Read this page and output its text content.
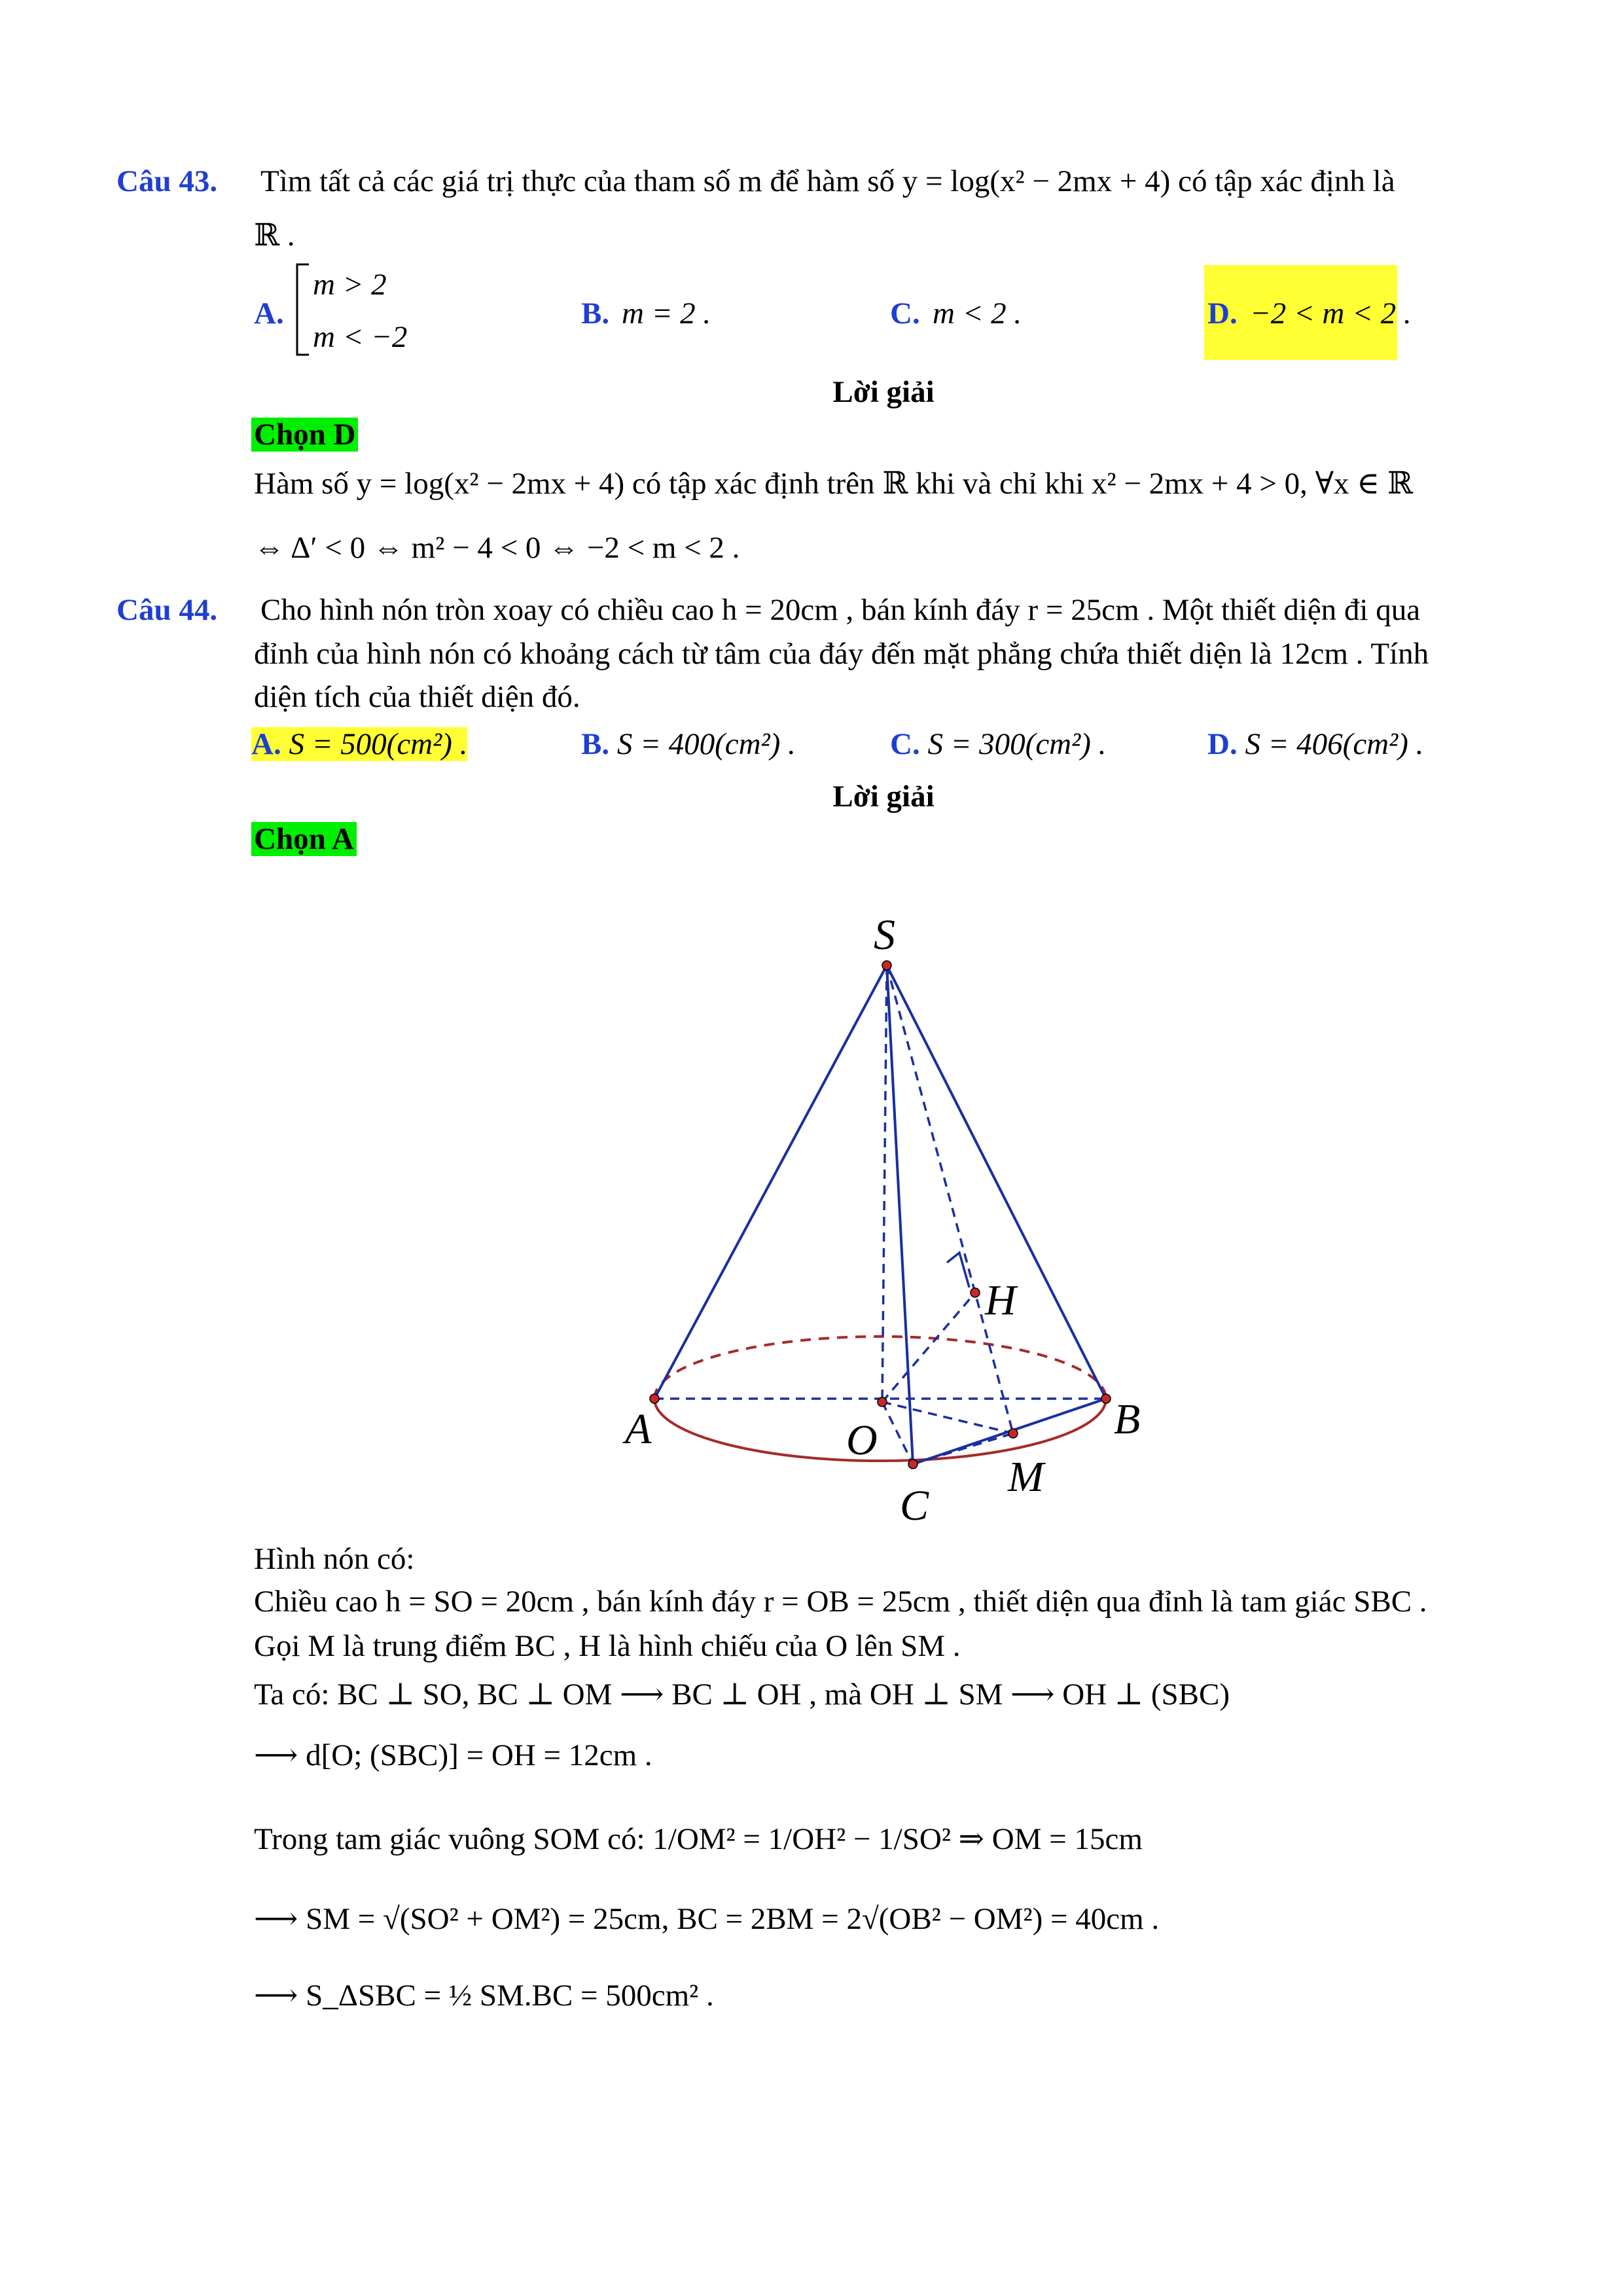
Câu 43. Tìm tất cả các giá trị thực của tham số m để hàm số y = log(x² − 2mx + 4) có tập xác định là
ℝ .
A.
m > 2
m < −2
B. m = 2 .	C. m < 2 .	D. −2 < m < 2 .
Lời giải
Chọn D
Hàm số y = log(x² − 2mx + 4) có tập xác định trên ℝ khi và chỉ khi x² − 2mx + 4 > 0, ∀x ∈ ℝ
⇔ Δ′ < 0 ⇔ m² − 4 < 0 ⇔ −2 < m < 2 .
Câu 44. Cho hình nón tròn xoay có chiều cao h = 20cm , bán kính đáy r = 25cm . Một thiết diện đi qua
đỉnh của hình nón có khoảng cách từ tâm của đáy đến mặt phẳng chứa thiết diện là 12cm . Tính
diện tích của thiết diện đó.
A. S = 500(cm²) .	B. S = 400(cm²) .	C. S = 300(cm²) .	D. S = 406(cm²) .
Lời giải
Chọn A
S
H
A	O	B
M
C
Hình nón có:
Chiều cao h = SO = 20cm , bán kính đáy r = OB = 25cm , thiết diện qua đỉnh là tam giác SBC .
Gọi M là trung điểm BC , H là hình chiếu của O lên SM .
Ta có: BC ⊥ SO, BC ⊥ OM ⟶ BC ⊥ OH , mà OH ⊥ SM ⟶ OH ⊥ (SBC)
⟶ d[O; (SBC)] = OH = 12cm .
Trong tam giác vuông SOM có: 1/OM² = 1/OH² − 1/SO² ⇒ OM = 15cm
⟶ SM = √(SO² + OM²) = 25cm, BC = 2BM = 2√(OB² − OM²) = 40cm .
⟶ S_ΔSBC = ½ SM.BC = 500cm² .
